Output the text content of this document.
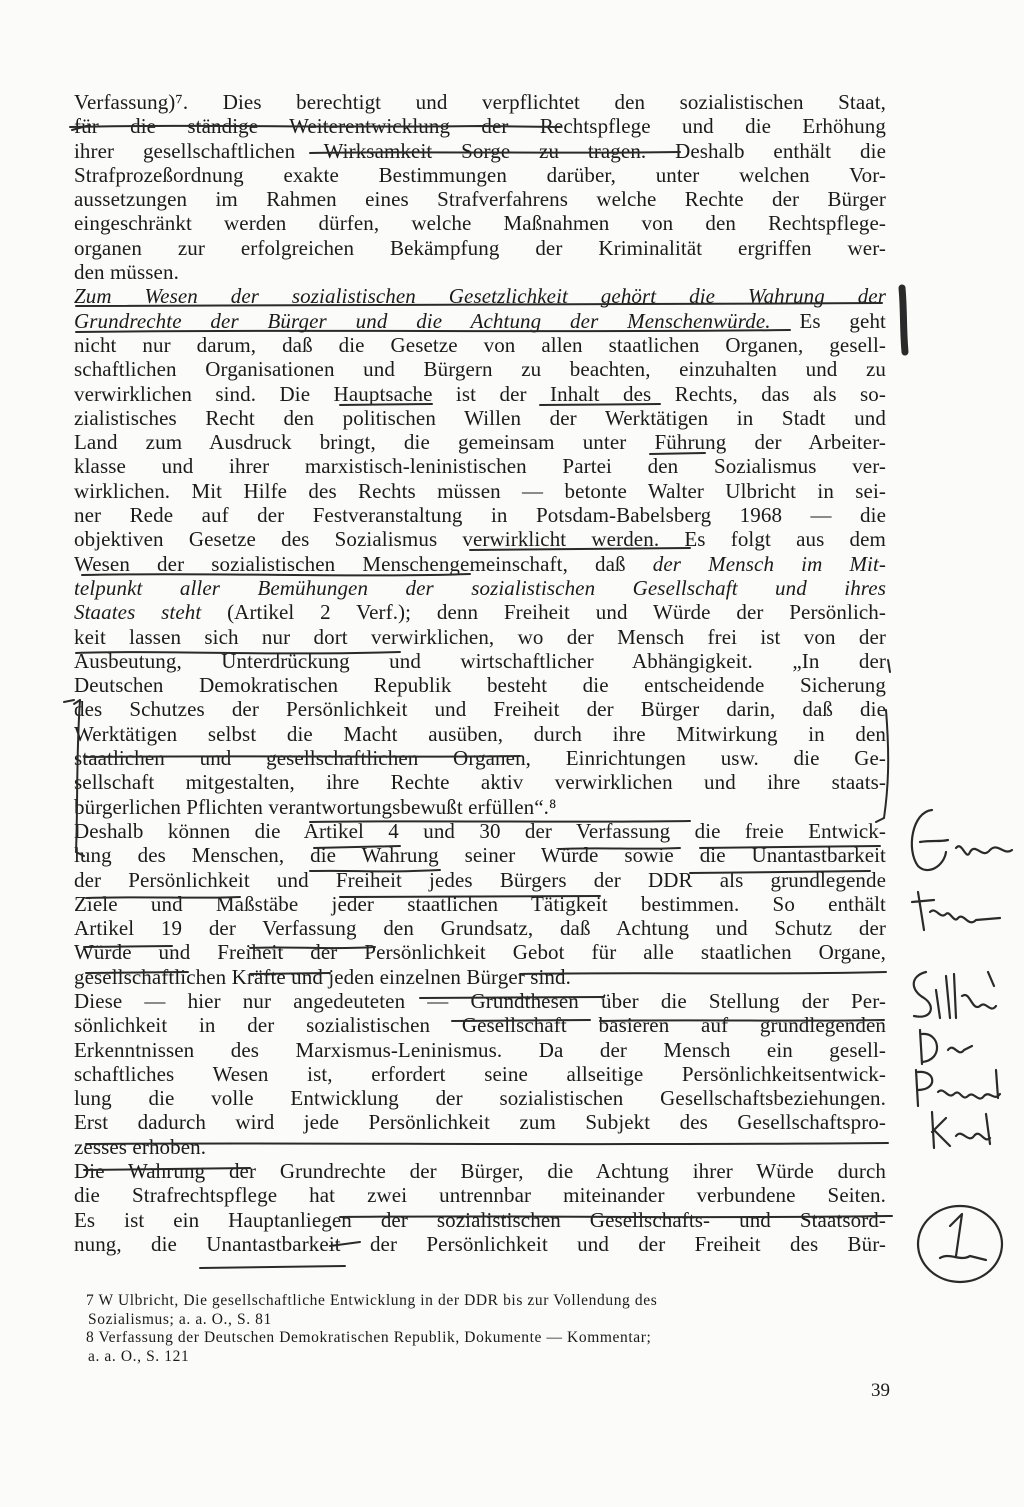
Verfassung)⁷. Dies berechtigt und verpflichtet den sozialistischen Staat,
für die ständige Weiterentwicklung der Rechtspflege und die Erhöhung
ihrer gesellschaftlichen Wirksamkeit Sorge zu tragen. Deshalb enthält die
Strafprozeßordnung exakte Bestimmungen darüber, unter welchen Vor-
aussetzungen im Rahmen eines Strafverfahrens welche Rechte der Bürger
eingeschränkt werden dürfen, welche Maßnahmen von den Rechtspflege-
organen zur erfolgreichen Bekämpfung der Kriminalität ergriffen wer-
den müssen.
Zum Wesen der sozialistischen Gesetzlichkeit gehört die Wahrung der
Grundrechte der Bürger und die Achtung der Menschenwürde. Es geht
nicht nur darum, daß die Gesetze von allen staatlichen Organen, gesell-
schaftlichen Organisationen und Bürgern zu beachten, einzuhalten und zu
verwirklichen sind. Die Hauptsache ist der Inhalt des Rechts, das als so-
zialistisches Recht den politischen Willen der Werktätigen in Stadt und
Land zum Ausdruck bringt, die gemeinsam unter Führung der Arbeiter-
klasse und ihrer marxistisch-leninistischen Partei den Sozialismus ver-
wirklichen. Mit Hilfe des Rechts müssen — betonte Walter Ulbricht in sei-
ner Rede auf der Festveranstaltung in Potsdam-Babelsberg 1968 — die
objektiven Gesetze des Sozialismus verwirklicht werden. Es folgt aus dem
Wesen der sozialistischen Menschengemeinschaft, daß der Mensch im Mit-
telpunkt aller Bemühungen der sozialistischen Gesellschaft und ihres
Staates steht (Artikel 2 Verf.); denn Freiheit und Würde der Persönlich-
keit lassen sich nur dort verwirklichen, wo der Mensch frei ist von der
Ausbeutung, Unterdrückung und wirtschaftlicher Abhängigkeit. „In der
Deutschen Demokratischen Republik besteht die entscheidende Sicherung
des Schutzes der Persönlichkeit und Freiheit der Bürger darin, daß die
Werktätigen selbst die Macht ausüben, durch ihre Mitwirkung in den
staatlichen und gesellschaftlichen Organen, Einrichtungen usw. die Ge-
sellschaft mitgestalten, ihre Rechte aktiv verwirklichen und ihre staats-
bürgerlichen Pflichten verantwortungsbewußt erfüllen“.⁸
Deshalb können die Artikel 4 und 30 der Verfassung die freie Entwick-
lung des Menschen, die Wahrung seiner Würde sowie die Unantastbarkeit
der Persönlichkeit und Freiheit jedes Bürgers der DDR als grundlegende
Ziele und Maßstäbe jeder staatlichen Tätigkeit bestimmen. So enthält
Artikel 19 der Verfassung den Grundsatz, daß Achtung und Schutz der
Würde und Freiheit der Persönlichkeit Gebot für alle staatlichen Organe,
gesellschaftlichen Kräfte und jeden einzelnen Bürger sind.
Diese — hier nur angedeuteten — Grundthesen über die Stellung der Per-
sönlichkeit in der sozialistischen Gesellschaft basieren auf grundlegenden
Erkenntnissen des Marxismus-Leninismus. Da der Mensch ein gesell-
schaftliches Wesen ist, erfordert seine allseitige Persönlichkeitsentwick-
lung die volle Entwicklung der sozialistischen Gesellschaftsbeziehungen.
Erst dadurch wird jede Persönlichkeit zum Subjekt des Gesellschaftspro-
zesses erhoben.
Die Wahrung der Grundrechte der Bürger, die Achtung ihrer Würde durch
die Strafrechtspflege hat zwei untrennbar miteinander verbundene Seiten.
Es ist ein Hauptanliegen der sozialistischen Gesellschafts- und Staatsord-
nung, die Unantastbarkeit der Persönlichkeit und der Freiheit des Bür-
7 W Ulbricht, Die gesellschaftliche Entwicklung in der DDR bis zur Vollendung des
Sozialismus; a. a. O., S. 81
8 Verfassung der Deutschen Demokratischen Republik, Dokumente — Kommentar;
a. a. O., S. 121
39
